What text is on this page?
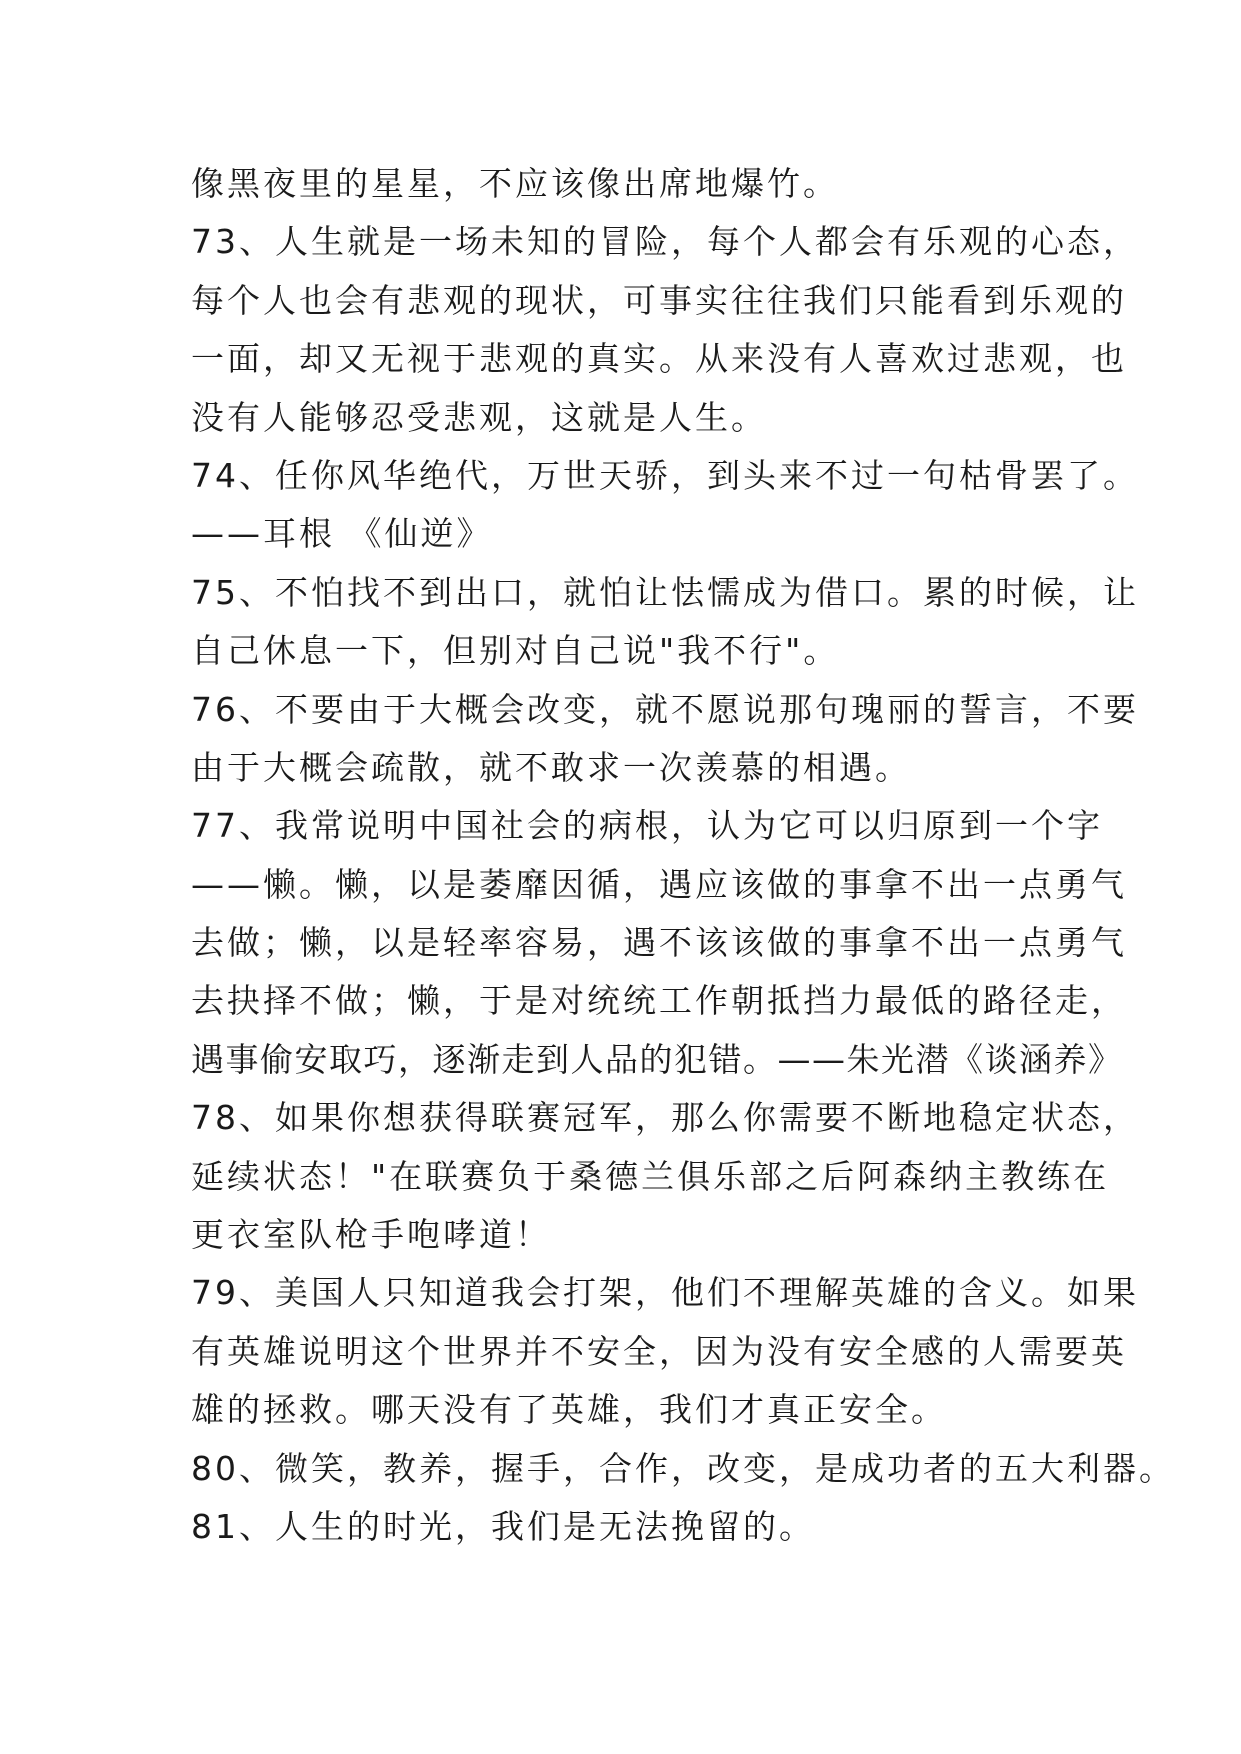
像黑夜里的星星，不应该像出席地爆竹。
73、人生就是一场未知的冒险，每个人都会有乐观的心态，
每个人也会有悲观的现状，可事实往往我们只能看到乐观的
一面，却又无视于悲观的真实。从来没有人喜欢过悲观，也
没有人能够忍受悲观，这就是人生。
74、任你风华绝代，万世天骄，到头来不过一句枯骨罢了。
——耳根 《仙逆》
75、不怕找不到出口，就怕让怯懦成为借口。累的时候，让
自己休息一下，但别对自己说"我不行"。
76、不要由于大概会改变，就不愿说那句瑰丽的誓言，不要
由于大概会疏散，就不敢求一次羡慕的相遇。
77、我常说明中国社会的病根，认为它可以归原到一个字
——懒。懒，以是萎靡因循，遇应该做的事拿不出一点勇气
去做；懒，以是轻率容易，遇不该该做的事拿不出一点勇气
去抉择不做；懒，于是对统统工作朝抵挡力最低的路径走，
遇事偷安取巧，逐渐走到人品的犯错。——朱光潜《谈涵养》
78、如果你想获得联赛冠军，那么你需要不断地稳定状态，
延续状态！"在联赛负于桑德兰俱乐部之后阿森纳主教练在
更衣室队枪手咆哮道！
79、美国人只知道我会打架，他们不理解英雄的含义。如果
有英雄说明这个世界并不安全，因为没有安全感的人需要英
雄的拯救。哪天没有了英雄，我们才真正安全。
80、微笑，教养，握手，合作，改变，是成功者的五大利器。
81、人生的时光，我们是无法挽留的。
